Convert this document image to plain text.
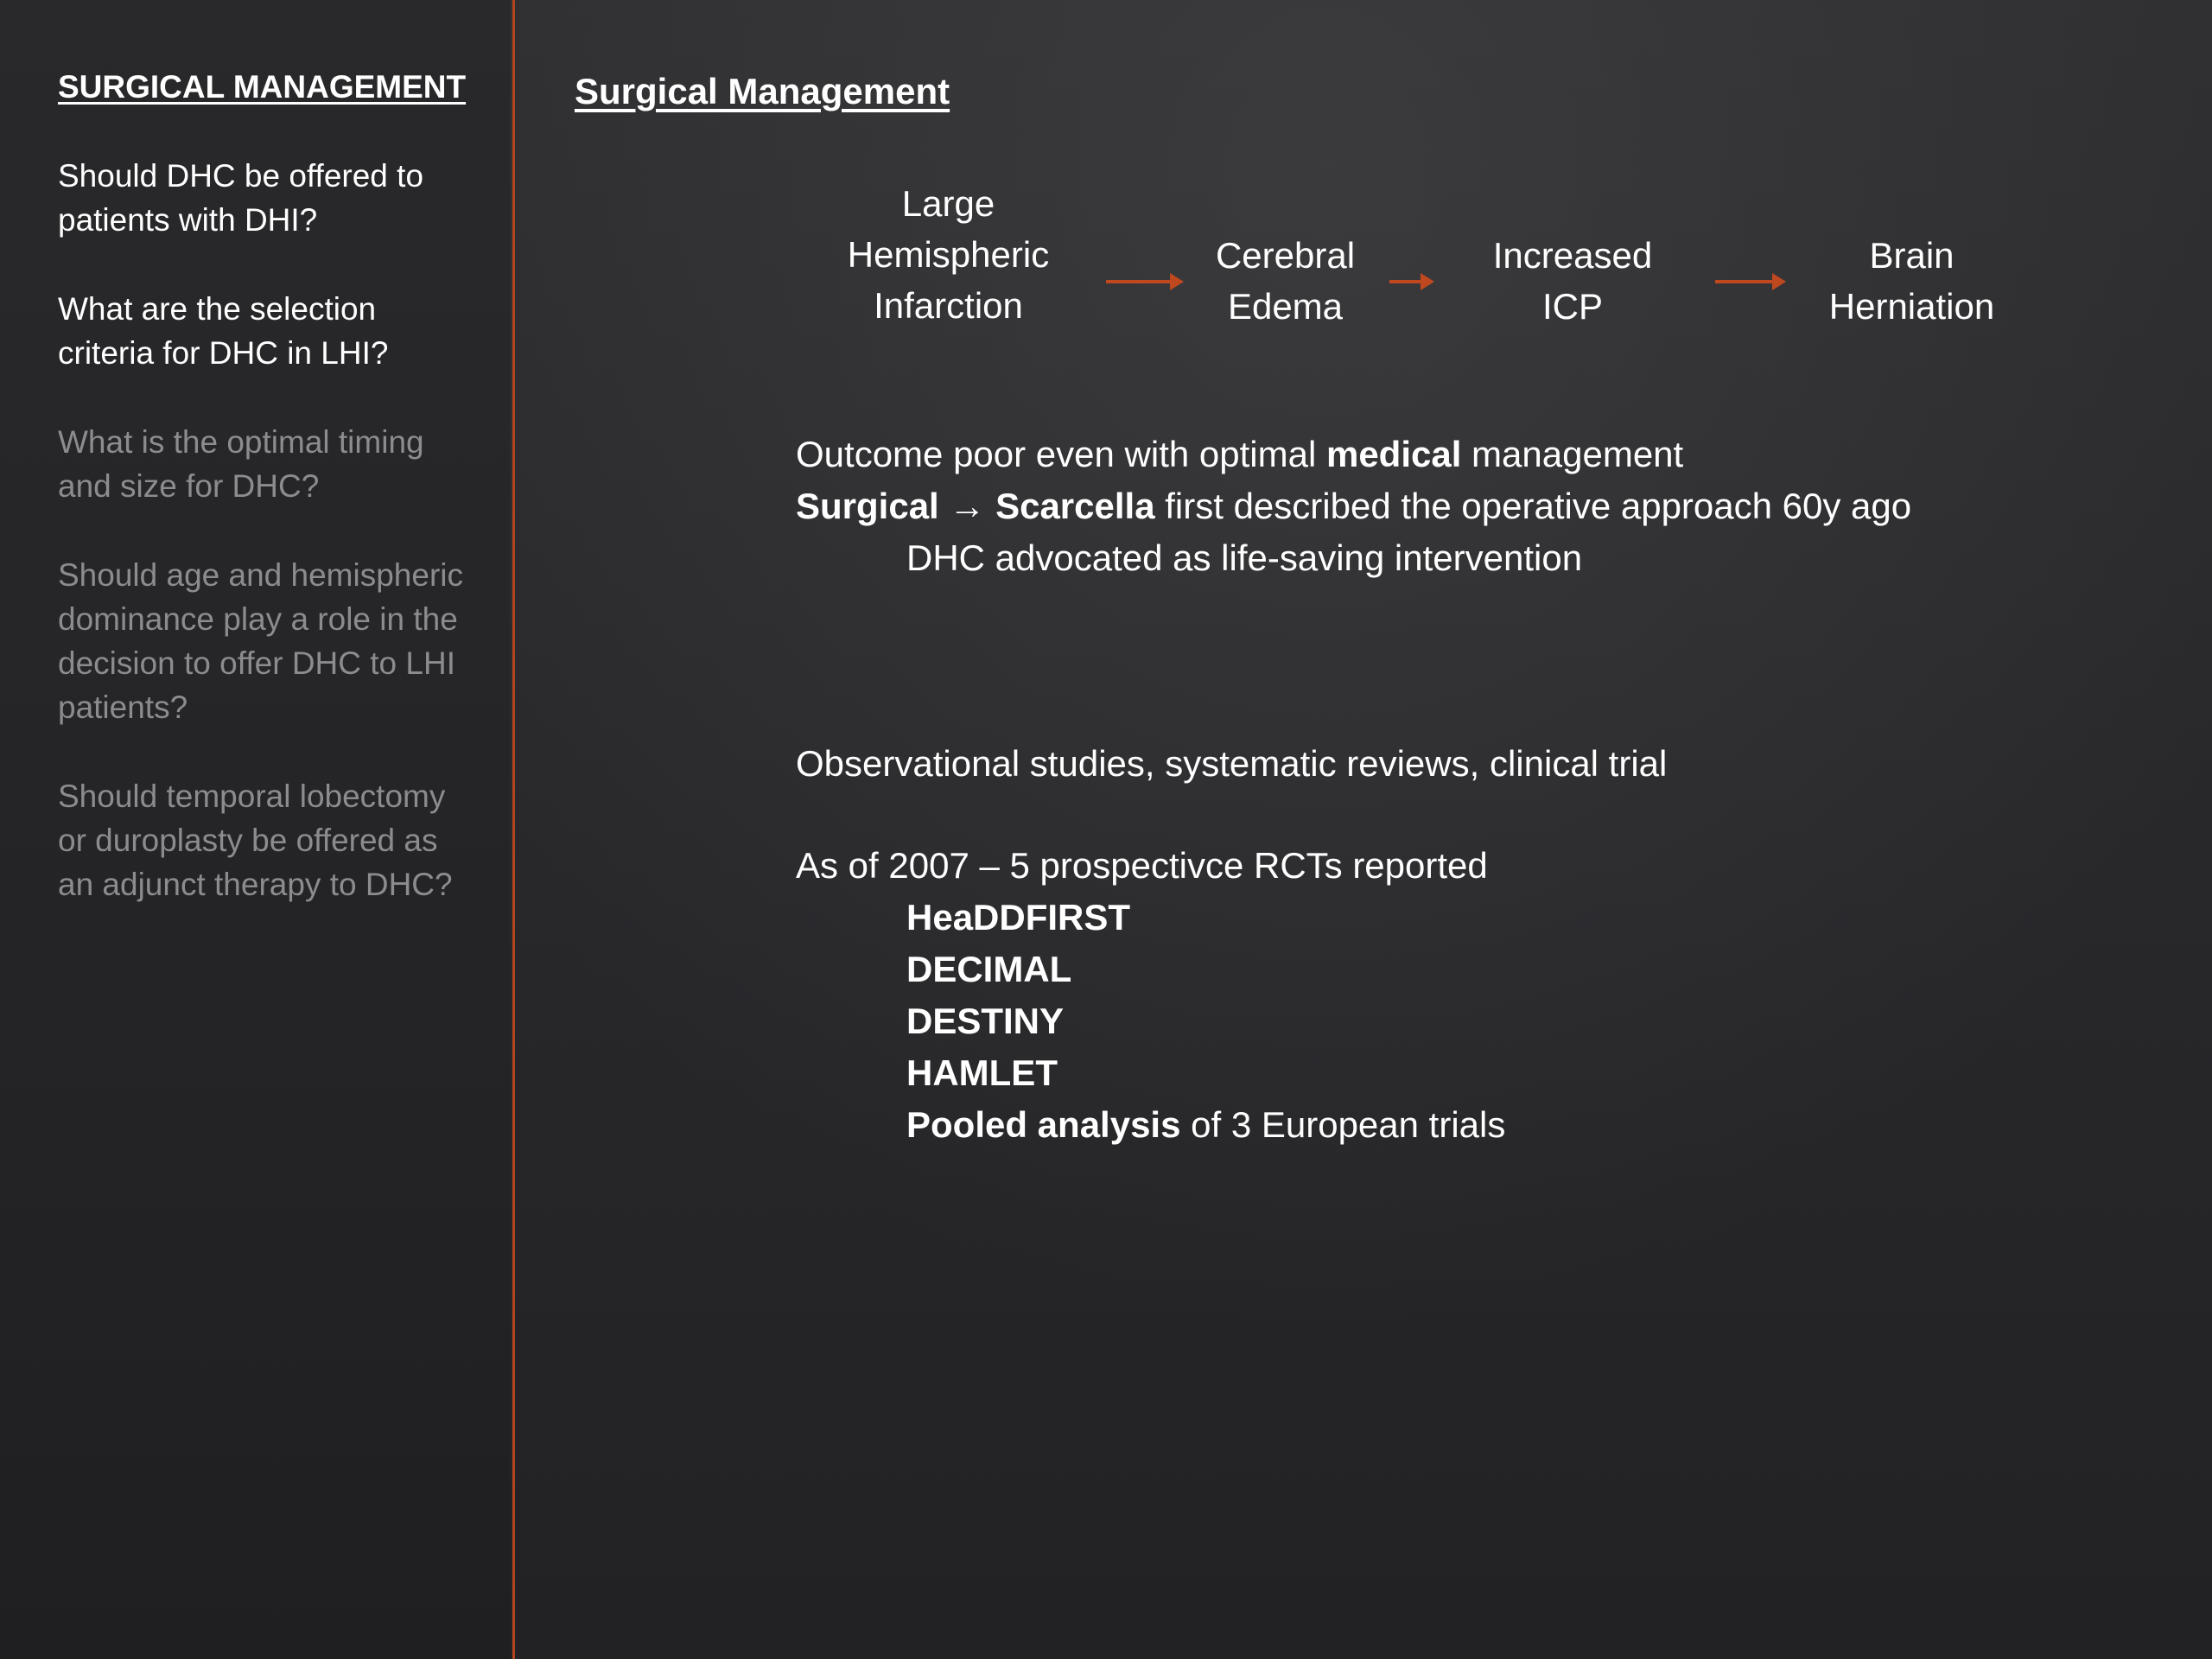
SURGICAL MANAGEMENT
Should DHC be offered to patients with DHI?
What are the selection criteria for DHC in LHI?
What is the optimal timing and size for DHC?
Should age and hemispheric dominance play a role in the decision to offer DHC to LHI patients?
Should temporal lobectomy or duroplasty be offered as an adjunct therapy to DHC?
Surgical Management
Large
Hemispheric
Infarction
Cerebral
Edema
Increased
ICP
Brain
Herniation
Outcome poor even with optimal medical management
Surgical → Scarcella first described the operative approach 60y ago
DHC advocated as life-saving intervention
Observational studies, systematic reviews, clinical trial
As of 2007 – 5 prospectivce RCTs reported
HeaDDFIRST
DECIMAL
DESTINY
HAMLET
Pooled analysis of 3 European trials
